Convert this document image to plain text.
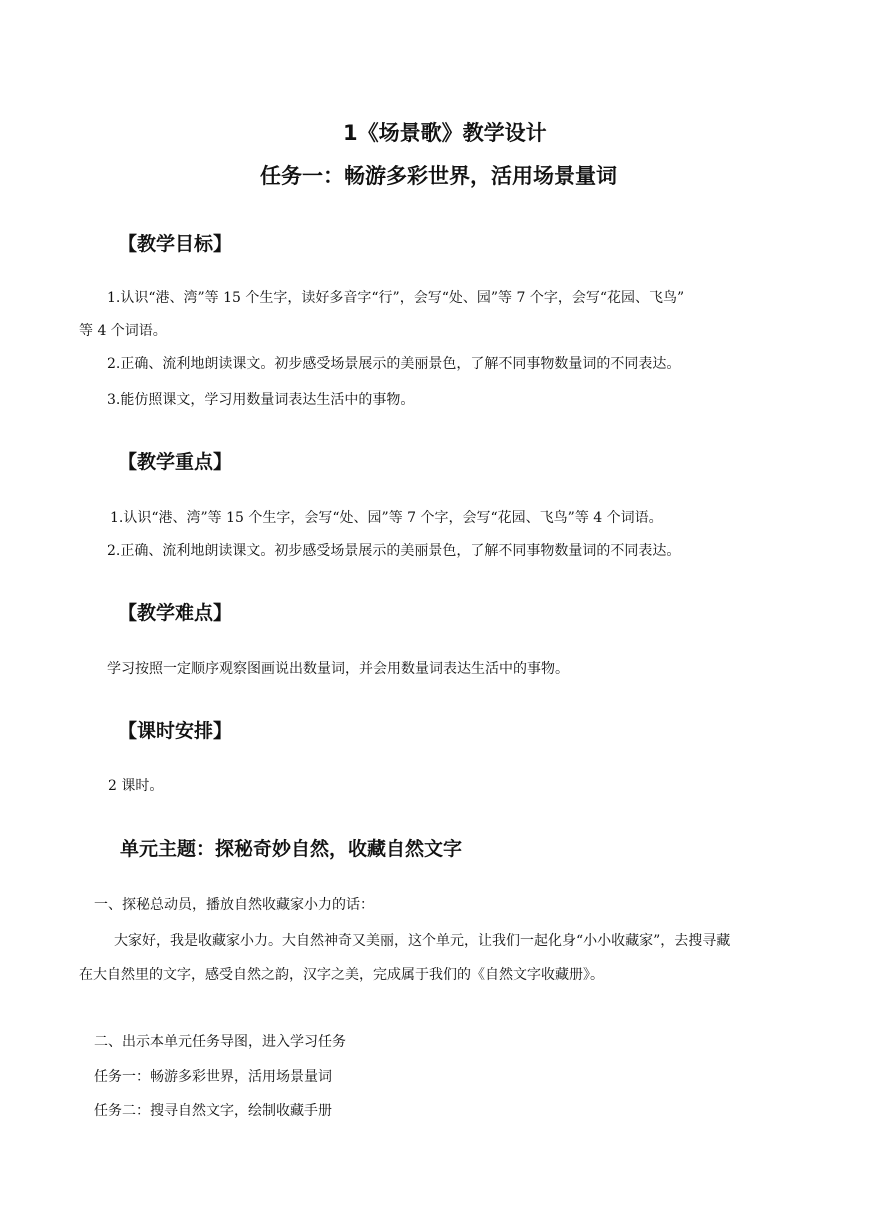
1《场景歌》教学设计
任务一：畅游多彩世界，活用场景量词
【教学目标】
1.认识“港、湾”等 15 个生字，读好多音字“行”，会写“处、园”等 7 个字，会写“花园、飞鸟”
等 4 个词语。
2.正确、流利地朗读课文。初步感受场景展示的美丽景色，了解不同事物数量词的不同表达。
3.能仿照课文，学习用数量词表达生活中的事物。
【教学重点】
1.认识“港、湾”等 15 个生字，会写“处、园”等 7 个字，会写“花园、飞鸟”等 4 个词语。
2.正确、流利地朗读课文。初步感受场景展示的美丽景色，了解不同事物数量词的不同表达。
【教学难点】
学习按照一定顺序观察图画说出数量词，并会用数量词表达生活中的事物。
【课时安排】
2 课时。
单元主题：探秘奇妙自然，收藏自然文字
一、探秘总动员，播放自然收藏家小力的话：
大家好，我是收藏家小力。大自然神奇又美丽，这个单元，让我们一起化身“小小收藏家”，去搜寻藏
在大自然里的文字，感受自然之韵，汉字之美，完成属于我们的《自然文字收藏册》。
二、出示本单元任务导图，进入学习任务
任务一：畅游多彩世界，活用场景量词
任务二：搜寻自然文字，绘制收藏手册
